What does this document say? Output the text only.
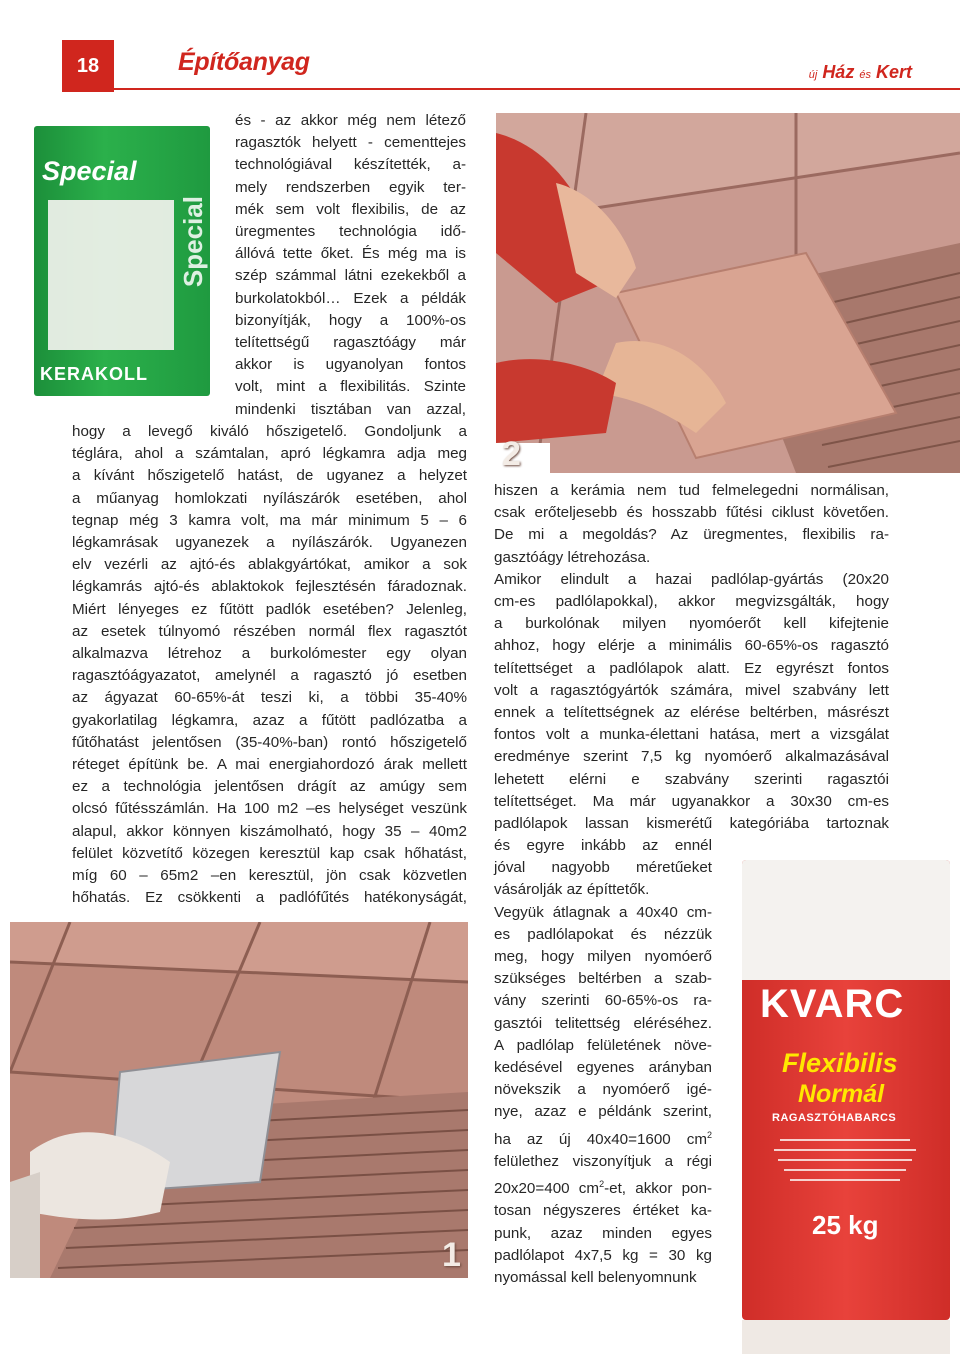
18	Építőanyag	új Ház és Kert
Special
Special
KERAKOLL

és - az akkor még nem létező

ragasztók helyett - cementtejes

technológiával készítették, a-

mely rendszerben egyik ter-

mék sem volt flexibilis, de az

üregmentes technológia idő-

állóvá tette őket. És még ma is

szép számmal látni ezekekből a

burkolatokból… Ezek a példák

bizonyítják, hogy a 100%-os

telítettségű ragasztóágy már

akkor is ugyanolyan fontos

volt, mint a flexibilitás. Szinte

mindenki tisztában van azzal,

hogy a levegő kiváló hőszigetelő. Gondoljunk a

téglára, ahol a számtalan, apró légkamra adja meg

a kívánt hőszigetelő hatást, de ugyanez a helyzet

a műanyag homlokzati nyílászárók esetében, ahol

tegnap még 3 kamra volt, ma már minimum 5 – 6

légkamrásak ugyanezek a nyílászárók. Ugyanezen

elv vezérli az ajtó-és ablakgyártókat, amikor a sok

légkamrás ajtó-és ablaktokok fejlesztésén fáradoznak.

Miért lényeges ez fűtött padlók esetében? Jelenleg,

az esetek túlnyomó részében normál flex ragasztót

alkalmazva létrehoz a burkolómester egy olyan

ragasztóágyazatot, amelynél a ragasztó jó esetben

az ágyazat 60-65%-át teszi ki, a többi 35-40%

gyakorlatilag légkamra, azaz a fűtött padlózatba a

fűtőhatást jelentősen (35-40%-ban) rontó hőszigetelő

réteget építünk be. A mai energiahordozó árak mellett

ez a technológia jelentősen drágít az amúgy sem

olcsó fűtésszámlán. Ha 100 m2 –es helységet veszünk

alapul, akkor könnyen kiszámolható, hogy 35 – 40m2

felület közvetítő közegen keresztül kap csak hőhatást,

míg 60 – 65m2 –en keresztül, jön csak közvetlen

hőhatás. Ez csökkenti a padlófűtés hatékonyságát,

2

hiszen a kerámia nem tud felmelegedni normálisan,

csak erőteljesebb és hosszabb fűtési ciklust követően.

De mi a megoldás? Az üregmentes, flexibilis ra-

gasztóágy létrehozása.

Amikor elindult a hazai padlólap-gyártás (20x20

cm-es padlólapokkal), akkor megvizsgálták, hogy

a burkolónak milyen nyomóerőt kell kifejtenie

ahhoz, hogy elérje a minimális 60-65%-os ragasztó

telítettséget a padlólapok alatt. Ez egyrészt fontos

volt a ragasztógyártók számára, mivel szabvány lett

ennek a telítettségnek az elérése beltérben, másrészt

fontos volt a munka-élettani hatása, mert a vizsgálat

eredménye szerint 7,5 kg nyomóerő alkalmazásával

lehetett elérni e szabvány szerinti ragasztói

telítettséget. Ma már ugyanakkor a 30x30 cm-es

padlólapok lassan kismerétű kategóriába tartoznak

és egyre inkább az ennél

jóval nagyobb méretűeket

vásárolják az építtetők.

Vegyük átlagnak a 40x40 cm-

es padlólapokat és nézzük

meg, hogy milyen nyomóerő

szükséges beltérben a szab-

vány szerinti 60-65%-os ra-

gasztói telitettség eléréséhez.

A padlólap felületének növe-

kedésével egyenes arányban

növekszik a nyomóerő igé-

nye, azaz e példánk szerint,

ha az új 40x40=1600 $cm^2$

felülethez viszonyítjuk a régi

20x20=400 $cm^2-et$, akkor pon-

tosan négyszeres értéket ka-

punk, azaz minden egyes

padlólapot 4x7,5 kg = 30 kg

nyomással kell belenyomnunk

1
KVARC
Flexibilis
Normál
RAGASZTÓHABARCS
25 kg
